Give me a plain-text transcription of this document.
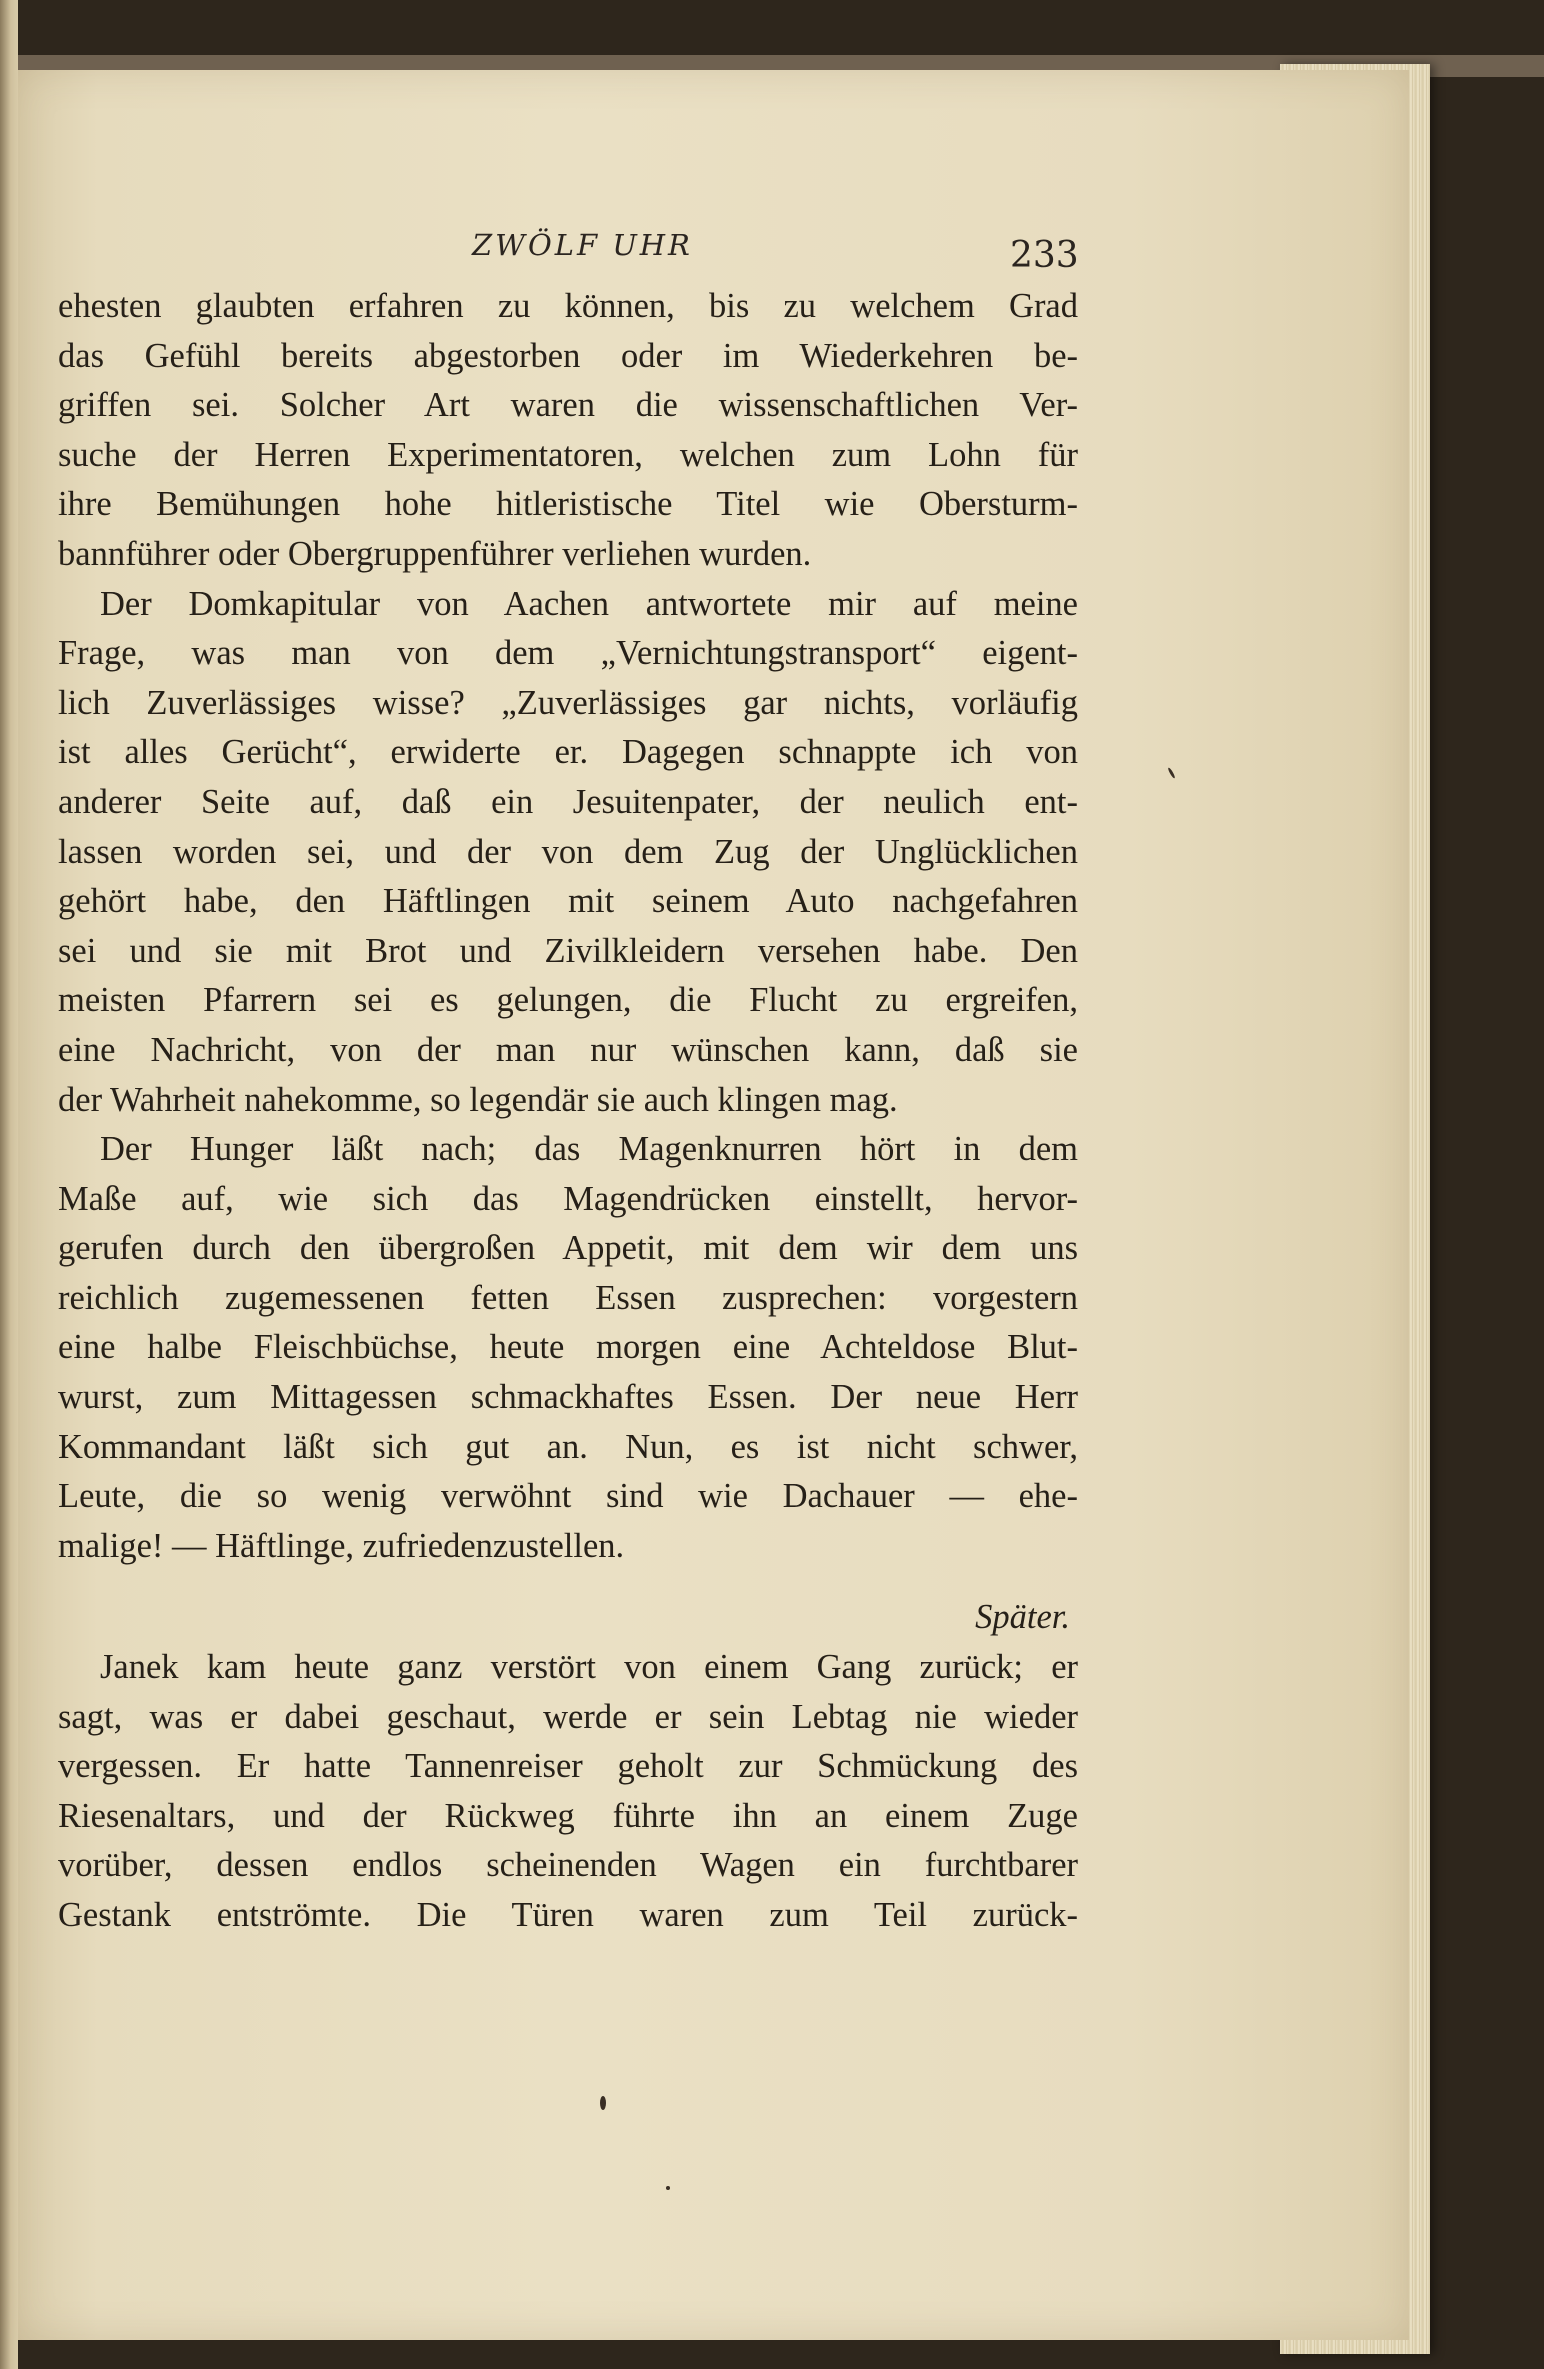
ZWÖLF UHR	233
ehesten glaubten erfahren zu können, bis zu welchem Grad
das Gefühl bereits abgestorben oder im Wiederkehren be-
griffen sei. Solcher Art waren die wissenschaftlichen Ver-
suche der Herren Experimentatoren, welchen zum Lohn für
ihre Bemühungen hohe hitleristische Titel wie Obersturm-
bannführer oder Obergruppenführer verliehen wurden.
Der Domkapitular von Aachen antwortete mir auf meine
Frage, was man von dem „Vernichtungstransport“ eigent-
lich Zuverlässiges wisse? „Zuverlässiges gar nichts, vorläufig
ist alles Gerücht“, erwiderte er. Dagegen schnappte ich von
anderer Seite auf, daß ein Jesuitenpater, der neulich ent-
lassen worden sei, und der von dem Zug der Unglücklichen
gehört habe, den Häftlingen mit seinem Auto nachgefahren
sei und sie mit Brot und Zivilkleidern versehen habe. Den
meisten Pfarrern sei es gelungen, die Flucht zu ergreifen,
eine Nachricht, von der man nur wünschen kann, daß sie
der Wahrheit nahekomme, so legendär sie auch klingen mag.
Der Hunger läßt nach; das Magenknurren hört in dem
Maße auf, wie sich das Magendrücken einstellt, hervor-
gerufen durch den übergroßen Appetit, mit dem wir dem uns
reichlich zugemessenen fetten Essen zusprechen: vorgestern
eine halbe Fleischbüchse, heute morgen eine Achteldose Blut-
wurst, zum Mittagessen schmackhaftes Essen. Der neue Herr
Kommandant läßt sich gut an. Nun, es ist nicht schwer,
Leute, die so wenig verwöhnt sind wie Dachauer — ehe-
malige! — Häftlinge, zufriedenzustellen.
Später.
Janek kam heute ganz verstört von einem Gang zurück; er
sagt, was er dabei geschaut, werde er sein Lebtag nie wieder
vergessen. Er hatte Tannenreiser geholt zur Schmückung des
Riesenaltars, und der Rückweg führte ihn an einem Zuge
vorüber, dessen endlos scheinenden Wagen ein furchtbarer
Gestank entströmte. Die Türen waren zum Teil zurück-
